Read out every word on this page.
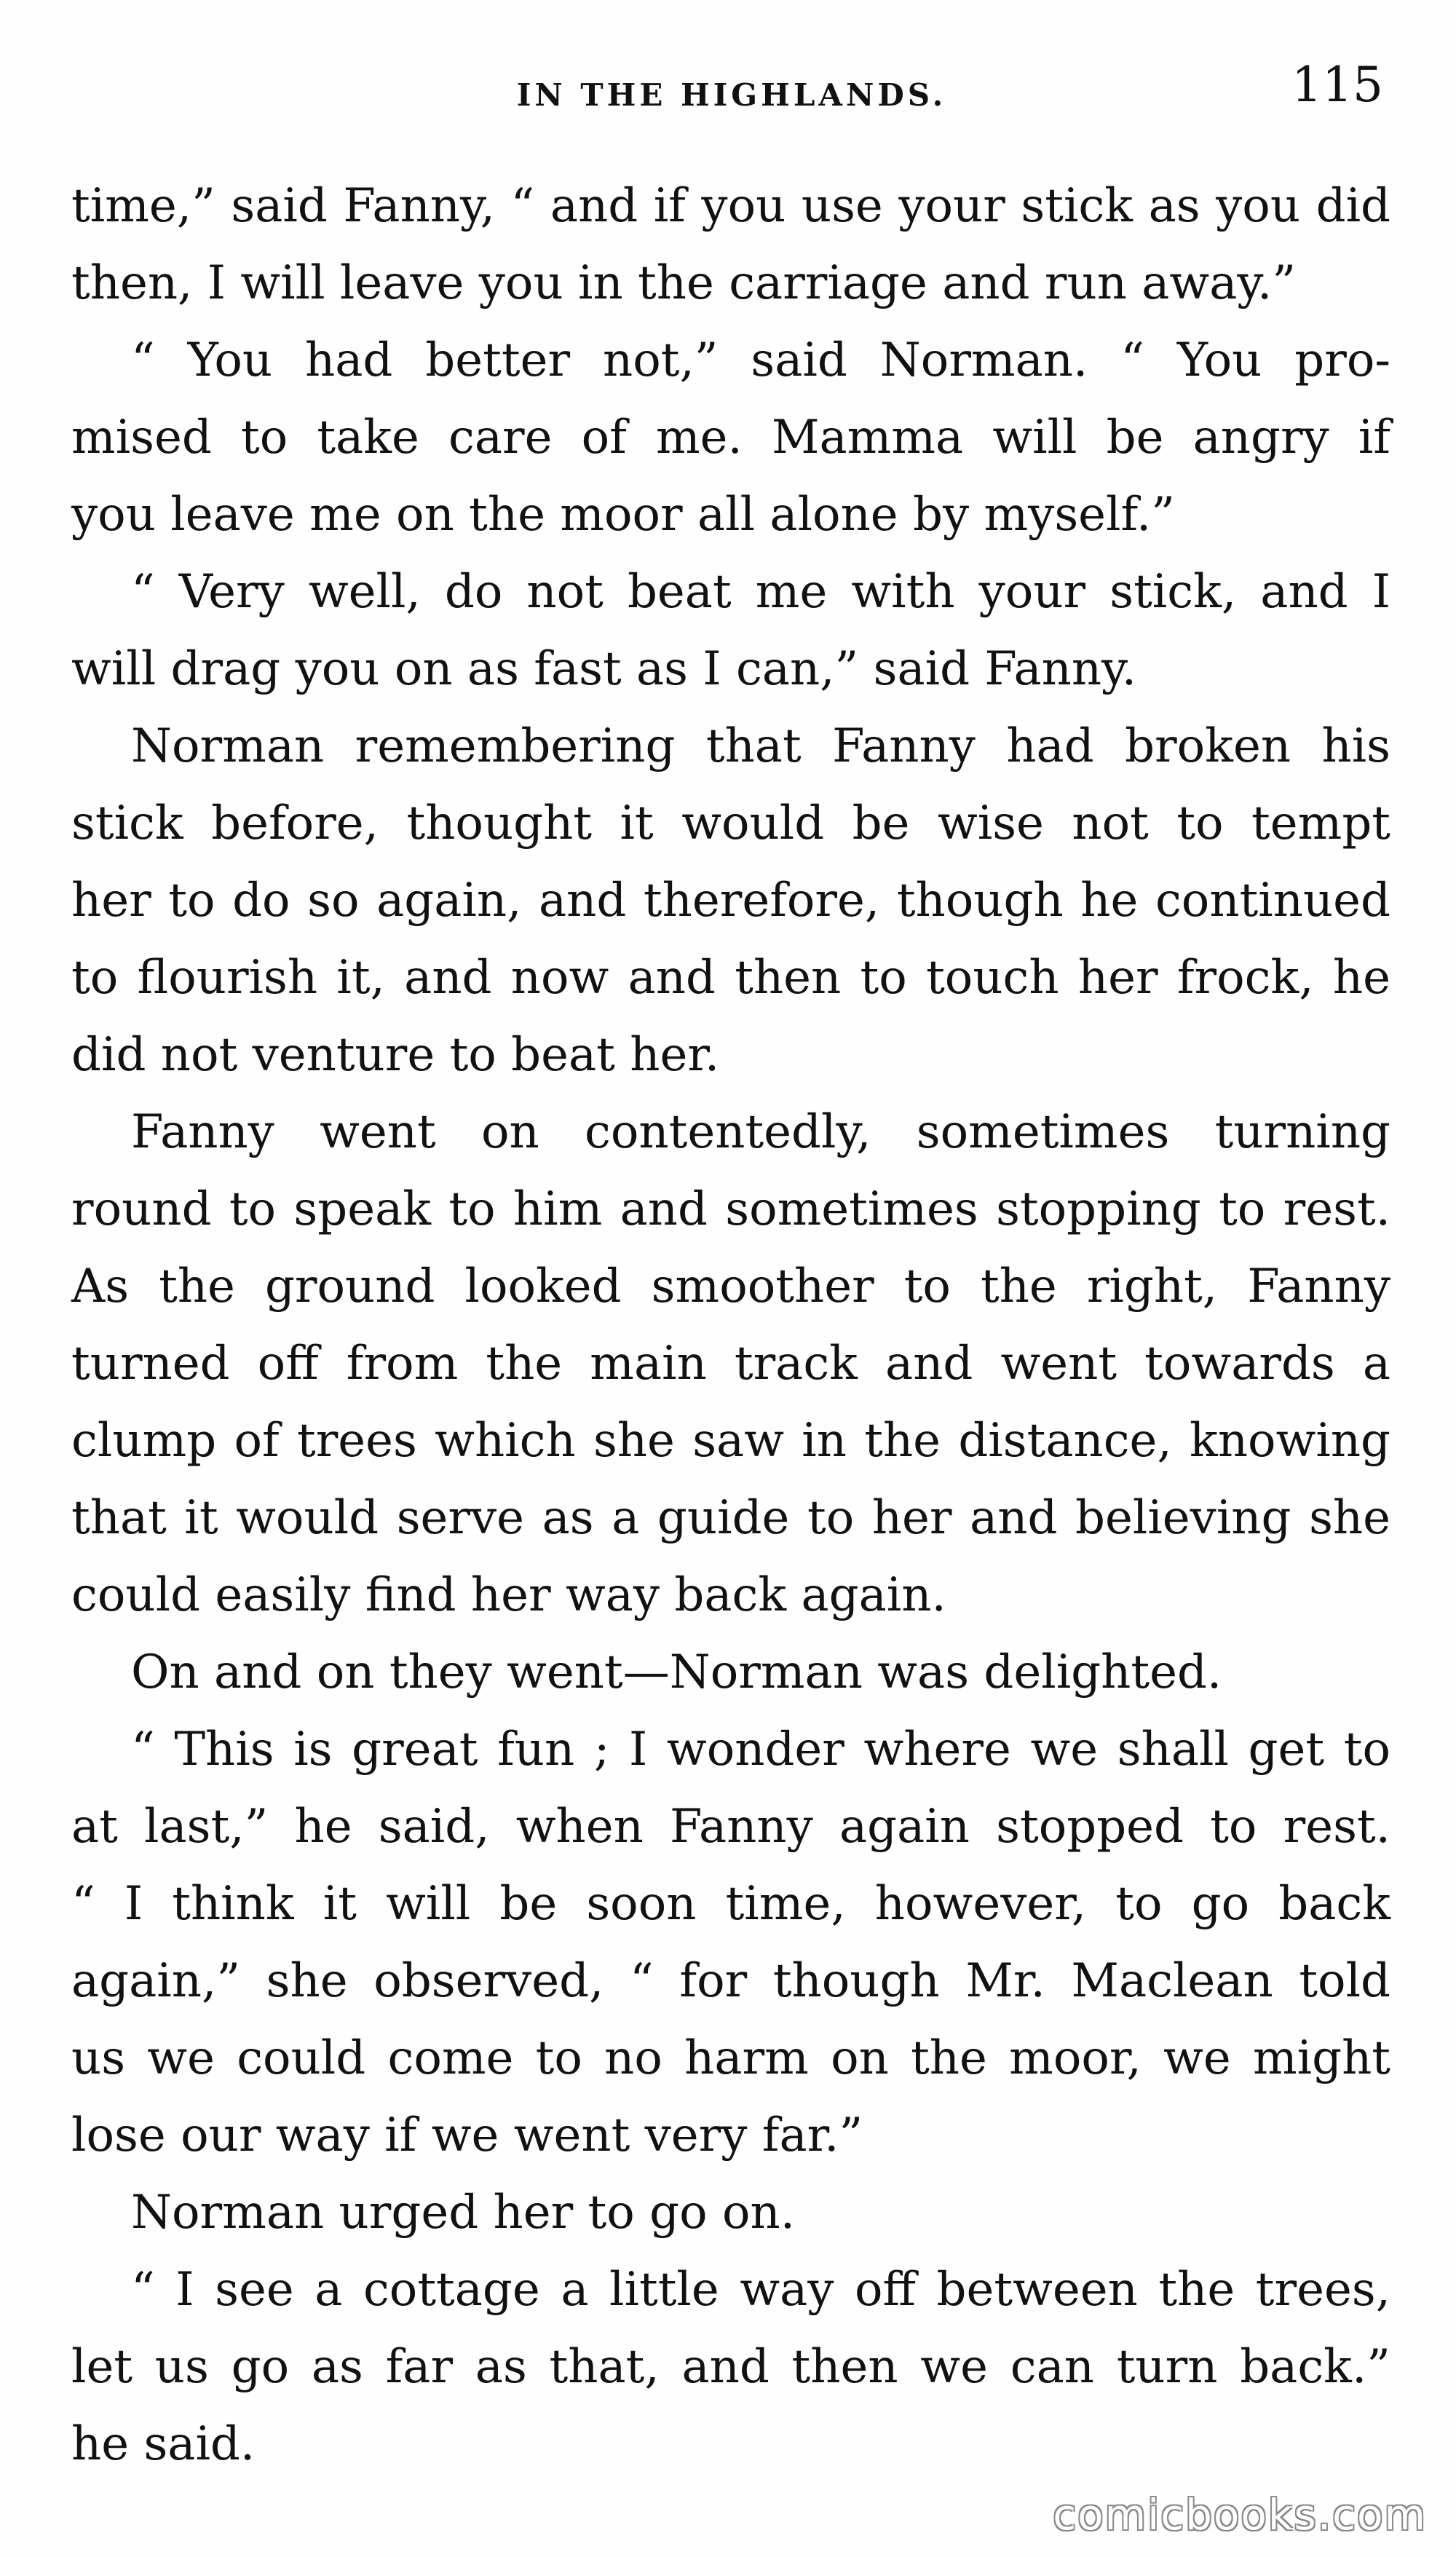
IN THE HIGHLANDS.	115
time,” said Fanny, “ and if you use your stick as you did
then, I will leave you in the carriage and run away.”
“ You had better not,” said Norman. “ You pro-
mised to take care of me. Mamma will be angry if
you leave me on the moor all alone by myself.”
“ Very well, do not beat me with your stick, and I
will drag you on as fast as I can,” said Fanny.
Norman remembering that Fanny had broken his
stick before, thought it would be wise not to tempt
her to do so again, and therefore, though he continued
to flourish it, and now and then to touch her frock, he
did not venture to beat her.
Fanny went on contentedly, sometimes turning
round to speak to him and sometimes stopping to rest.
As the ground looked smoother to the right, Fanny
turned off from the main track and went towards a
clump of trees which she saw in the distance, knowing
that it would serve as a guide to her and believing she
could easily find her way back again.
On and on they went—Norman was delighted.
“ This is great fun ; I wonder where we shall get to
at last,” he said, when Fanny again stopped to rest.
“ I think it will be soon time, however, to go back
again,” she observed, “ for though Mr. Maclean told
us we could come to no harm on the moor, we might
lose our way if we went very far.”
Norman urged her to go on.
“ I see a cottage a little way off between the trees,
let us go as far as that, and then we can turn back.”
he said.
comicbooks.com
